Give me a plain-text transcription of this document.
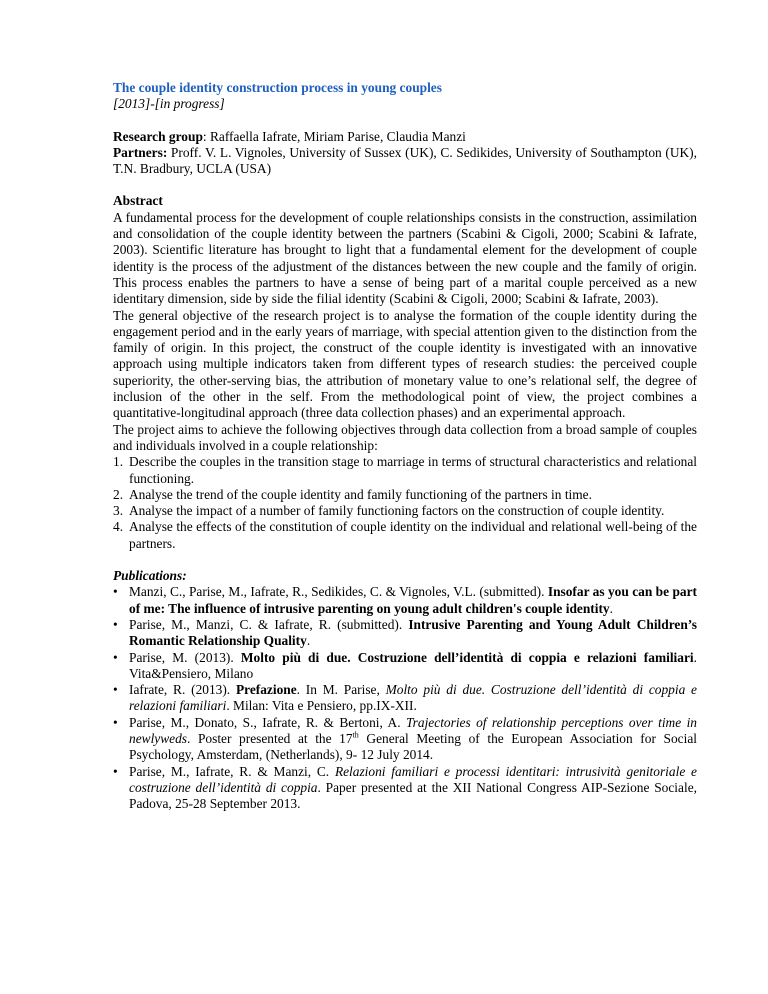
The couple identity construction process in young couples
[2013]-[in progress]
Research group: Raffaella Iafrate, Miriam Parise, Claudia Manzi
Partners: Proff. V. L. Vignoles, University of Sussex (UK), C. Sedikides, University of Southampton (UK), T.N. Bradbury, UCLA (USA)
Abstract
A fundamental process for the development of couple relationships consists in the construction, assimilation and consolidation of the couple identity between the partners (Scabini & Cigoli, 2000; Scabini & Iafrate, 2003). Scientific literature has brought to light that a fundamental element for the development of couple identity is the process of the adjustment of the distances between the new couple and the family of origin. This process enables the partners to have a sense of being part of a marital couple perceived as a new identitary dimension, side by side the filial identity (Scabini & Cigoli, 2000; Scabini & Iafrate, 2003).
The general objective of the research project is to analyse the formation of the couple identity during the engagement period and in the early years of marriage, with special attention given to the distinction from the family of origin. In this project, the construct of the couple identity is investigated with an innovative approach using multiple indicators taken from different types of research studies: the perceived couple superiority, the other-serving bias, the attribution of monetary value to one’s relational self, the degree of inclusion of the other in the self. From the methodological point of view, the project combines a quantitative-longitudinal approach (three data collection phases) and an experimental approach.
The project aims to achieve the following objectives through data collection from a broad sample of couples and individuals involved in a couple relationship:
1. Describe the couples in the transition stage to marriage in terms of structural characteristics and relational functioning.
2. Analyse the trend of the couple identity and family functioning of the partners in time.
3. Analyse the impact of a number of family functioning factors on the construction of couple identity.
4. Analyse the effects of the constitution of couple identity on the individual and relational well-being of the partners.
Publications:
• Manzi, C., Parise, M., Iafrate, R., Sedikides, C. & Vignoles, V.L. (submitted). Insofar as you can be part of me: The influence of intrusive parenting on young adult children's couple identity.
• Parise, M., Manzi, C. & Iafrate, R. (submitted). Intrusive Parenting and Young Adult Children’s Romantic Relationship Quality.
• Parise, M. (2013). Molto più di due. Costruzione dell’identità di coppia e relazioni familiari. Vita&Pensiero, Milano
• Iafrate, R. (2013). Prefazione. In M. Parise, Molto più di due. Costruzione dell’identità di coppia e relazioni familiari. Milan: Vita e Pensiero, pp.IX-XII.
• Parise, M., Donato, S., Iafrate, R. & Bertoni, A. Trajectories of relationship perceptions over time in newlyweds. Poster presented at the 17th General Meeting of the European Association for Social Psychology, Amsterdam, (Netherlands), 9- 12 July 2014.
• Parise, M., Iafrate, R. & Manzi, C. Relazioni familiari e processi identitari: intrusività genitoriale e costruzione dell’identità di coppia. Paper presented at the XII National Congress AIP-Sezione Sociale, Padova, 25-28 September 2013.
